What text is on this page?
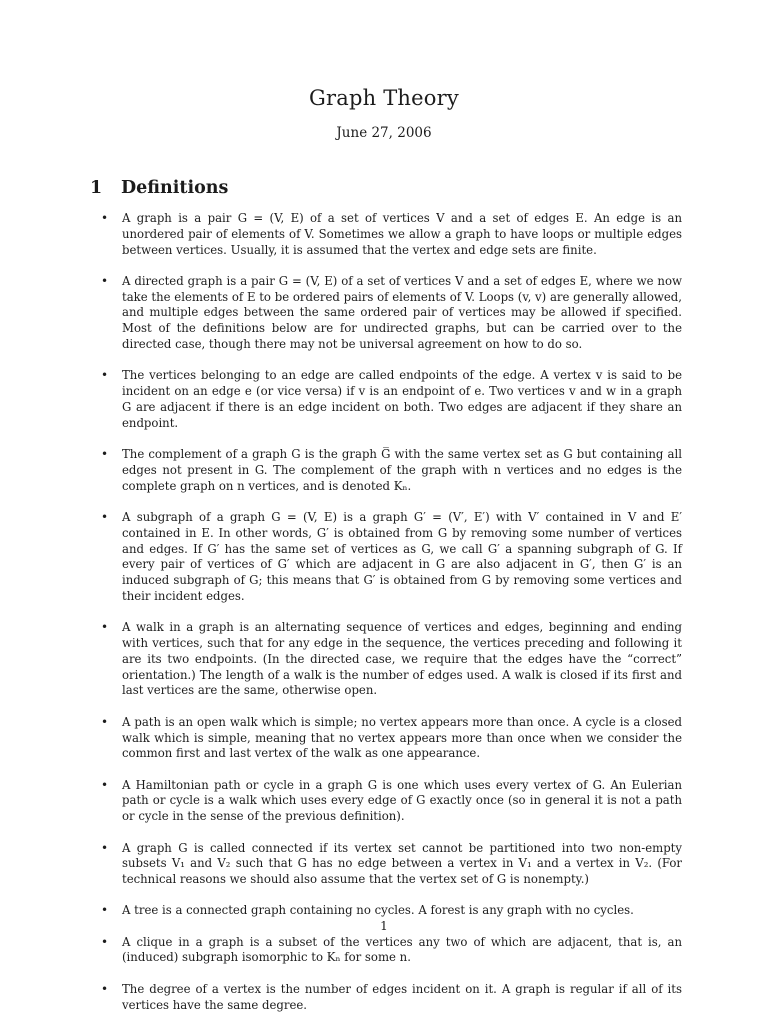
Graph Theory
June 27, 2006
1 Definitions
• A graph is a pair G = (V, E) of a set of vertices V and a set of edges E. An edge is an unordered pair of elements of V. Sometimes we allow a graph to have loops or multiple edges between vertices. Usually, it is assumed that the vertex and edge sets are finite.
• A directed graph is a pair G = (V, E) of a set of vertices V and a set of edges E, where we now take the elements of E to be ordered pairs of elements of V. Loops (v, v) are generally allowed, and multiple edges between the same ordered pair of vertices may be allowed if specified. Most of the definitions below are for undirected graphs, but can be carried over to the directed case, though there may not be universal agreement on how to do so.
• The vertices belonging to an edge are called endpoints of the edge. A vertex v is said to be incident on an edge e (or vice versa) if v is an endpoint of e. Two vertices v and w in a graph G are adjacent if there is an edge incident on both. Two edges are adjacent if they share an endpoint.
• The complement of a graph G is the graph G̅ with the same vertex set as G but containing all edges not present in G. The complement of the graph with n vertices and no edges is the complete graph on n vertices, and is denoted Kₙ.
• A subgraph of a graph G = (V, E) is a graph G′ = (V′, E′) with V′ contained in V and E′ contained in E. In other words, G′ is obtained from G by removing some number of vertices and edges. If G′ has the same set of vertices as G, we call G′ a spanning subgraph of G. If every pair of vertices of G′ which are adjacent in G are also adjacent in G′, then G′ is an induced subgraph of G; this means that G′ is obtained from G by removing some vertices and their incident edges.
• A walk in a graph is an alternating sequence of vertices and edges, beginning and ending with vertices, such that for any edge in the sequence, the vertices preceding and following it are its two endpoints. (In the directed case, we require that the edges have the “correct” orientation.) The length of a walk is the number of edges used. A walk is closed if its first and last vertices are the same, otherwise open.
• A path is an open walk which is simple; no vertex appears more than once. A cycle is a closed walk which is simple, meaning that no vertex appears more than once when we consider the common first and last vertex of the walk as one appearance.
• A Hamiltonian path or cycle in a graph G is one which uses every vertex of G. An Eulerian path or cycle is a walk which uses every edge of G exactly once (so in general it is not a path or cycle in the sense of the previous definition).
• A graph G is called connected if its vertex set cannot be partitioned into two non-empty subsets V₁ and V₂ such that G has no edge between a vertex in V₁ and a vertex in V₂. (For technical reasons we should also assume that the vertex set of G is nonempty.)
• A tree is a connected graph containing no cycles. A forest is any graph with no cycles.
• A clique in a graph is a subset of the vertices any two of which are adjacent, that is, an (induced) subgraph isomorphic to Kₙ for some n.
• The degree of a vertex is the number of edges incident on it. A graph is regular if all of its vertices have the same degree.
1
